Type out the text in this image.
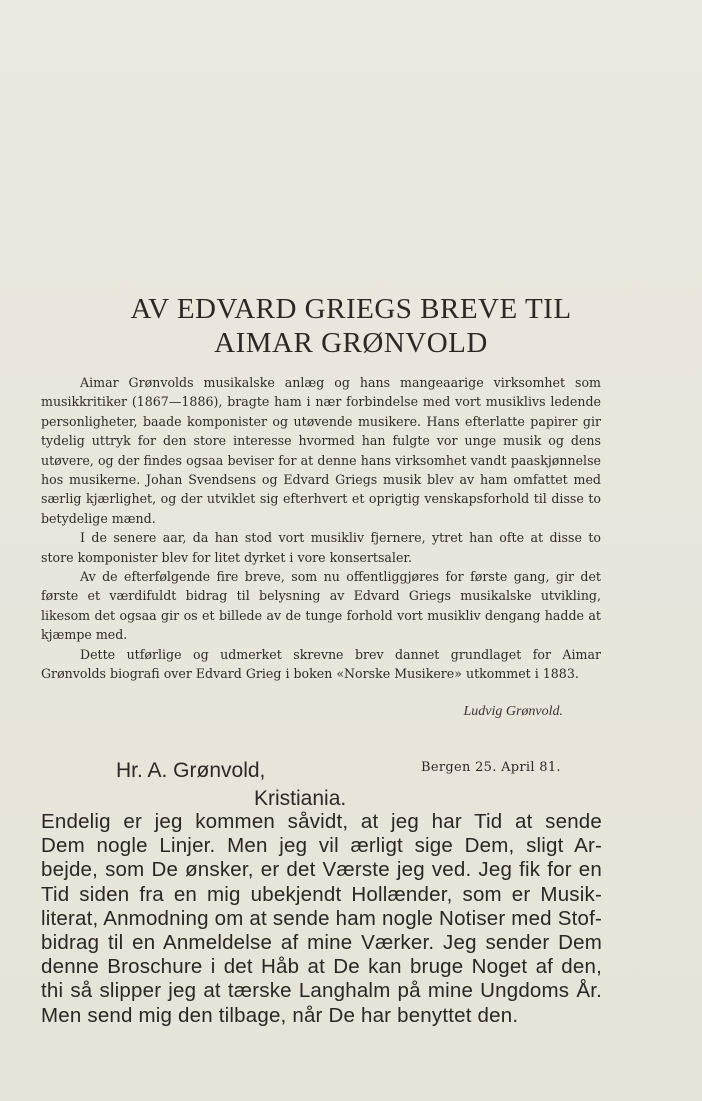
AV EDVARD GRIEGS BREVE TIL
AIMAR GRØNVOLD

Aimar Grønvolds musikalske anlæg og hans mangeaarige virksomhet som musikkritiker (1867—1886), bragte ham i nær forbindelse med vort musiklivs ledende personligheter, baade komponister og utøvende musikere. Hans efterlatte papirer gir tydelig uttryk for den store interesse hvormed han fulgte vor unge musik og dens utøvere, og der findes ogsaa beviser for at denne hans virksomhet vandt paaskjønnelse hos musikerne. Johan Svendsens og Edvard Griegs musik blev av ham omfattet med særlig kjærlighet, og der utviklet sig efterhvert et oprigtig venskapsforhold til disse to betydelige mænd.

I de senere aar, da han stod vort musikliv fjernere, ytret han ofte at disse to store komponister blev for litet dyrket i vore konsertsaler.

Av de efterfølgende fire breve, som nu offentliggjøres for første gang, gir det første et værdifuldt bidrag til belysning av Edvard Griegs musikalske utvikling, likesom det ogsaa gir os et billede av de tunge forhold vort musikliv dengang hadde at kjæmpe med.

Dette utførlige og udmerket skrevne brev dannet grundlaget for Aimar Grønvolds biografi over Edvard Grieg i boken «Norske Musikere» utkommet i 1883.

Ludvig Grønvold.
Hr. A. Grønvold,
Kristiania.
Bergen 25. April 81.
Endelig er jeg kommen såvidt, at jeg har Tid at sende
Dem nogle Linjer. Men jeg vil ærligt sige Dem, sligt Ar-
bejde, som De ønsker, er det Værste jeg ved. Jeg fik for en
Tid siden fra en mig ubekjendt Hollænder, som er Musik-
literat, Anmodning om at sende ham nogle Notiser med Stof-
bidrag til en Anmeldelse af mine Værker. Jeg sender Dem
denne Broschure i det Håb at De kan bruge Noget af den,
thi så slipper jeg at tærske Langhalm på mine Ungdoms År.
Men send mig den tilbage, når De har benyttet den.
